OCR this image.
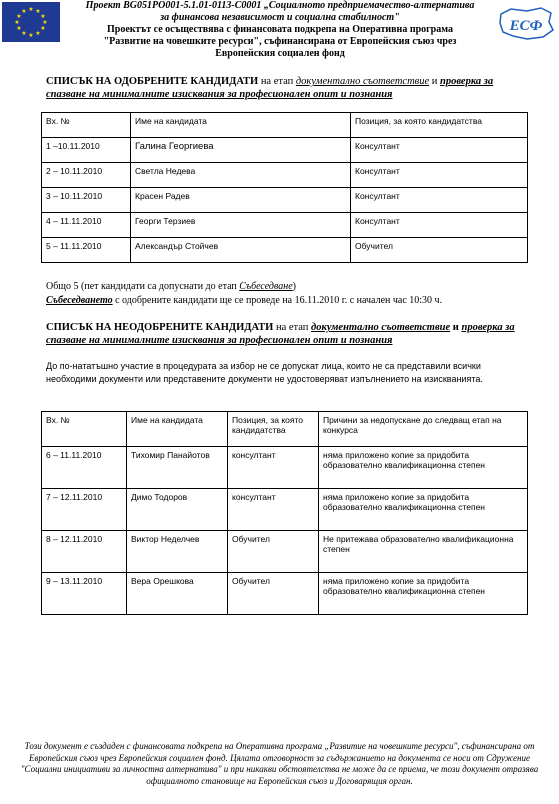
★ ★
★
★
★
★
★
★
★
★
★
★
Проект BG051PO001-5.1.01-0113-C0001 „Социалното предприемачество-алтернатива
за финансова независимост и социална стабилност"
Проектът се осъществява с финансовата подкрепа на Оперативна програма
"Развитие на човешките ресурси", съфинансирана от Европейския съюз чрез
Европейския социален фонд
ЕСФ
СПИСЪК НА ОДОБРЕНИТЕ КАНДИДАТИ на етап документално съответствие и проверка за спазване на минималните изисквания за професионален опит и познания
Вх. №	Име на кандидата	Позиция, за която кандидатства
1 –10.11.2010	Галина Георгиева	Консултант
2 – 10.11.2010	Светла Недева	Консултант
3 – 10.11.2010	Красен Радев	Консултант
4 – 11.11.2010	Георги Терзиев	Консултант
5 – 11.11.2010	Александър Стойчев	Обучител
Общо 5 (пет кандидати са допуснати до етап Събеседване)
Събеседването с одобрените кандидати ще се проведе на 16.11.2010 г. с начален час 10:30 ч.
СПИСЪК НА НЕОДОБРЕНИТЕ КАНДИДАТИ на етап документално съответствие и проверка за спазване на минималните изисквания за професионален опит и познания
До по-нататъшно участие в процедурата за избор не се допускат лица, които не са представили всички необходими документи или представените документи не удостоверяват изпълнението на изискванията.
Вх. №	Име на кандидата	Позиция, за която кандидатства	Причини за недопускане до следващ етап на конкурса
6 – 11.11.2010	Тихомир Панайотов	консултант	няма приложено копие за придобита образователно квалификационна степен
7 – 12.11.2010	Димо Тодоров	консултант	няма приложено копие за придобита образователно квалификационна степен
8 – 12.11.2010	Виктор Неделчев	Обучител	Не притежава образователно квалификационна степен
9 – 13.11.2010	Вера Орешкова	Обучител	няма приложено копие за придобита образователно квалификационна степен
Този документ е създаден с финансовата подкрепа на Оперативна програма „Развитие на човешките ресурси", съфинансирана от Европейския съюз чрез Европейския социален фонд. Цялата отговорност за съдържанието на документа се носи от Сдружение "Социални инициативи за личностна алтернатива" и при никакви обстоятелства не може да се приема, че този документ отразява официалното становище на Европейския съюз и Договарящия орган.
